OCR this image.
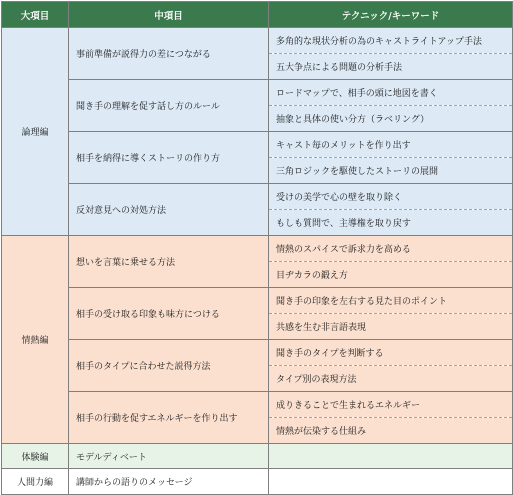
大項目	中項目	テクニック/キーワード
論理編	事前準備が説得力の差につながる	多角的な現状分析の為のキャストライトアップ手法
		五大争点による問題の分析手法
	聞き手の理解を促す話し方のルール	ロードマップで、相手の頭に地図を書く
		抽象と具体の使い分方（ラベリング）
	相手を納得に導くストーリの作り方	キャスト毎のメリットを作り出す
		三角ロジックを駆使したストーリの展開
	反対意見への対処方法	受けの美学で心の壁を取り除く
		もしも質問で、主導権を取り戻す
情熱編	想いを言葉に乗せる方法	情熱のスパイスで訴求力を高める
		目ヂカラの鍛え方
	相手の受け取る印象も味方につける	聞き手の印象を左右する見た目のポイント
		共感を生む非言語表現
	相手のタイプに合わせた説得方法	聞き手のタイプを判断する
		タイプ別の表現方法
	相手の行動を促すエネルギーを作り出す	成りきることで生まれるエネルギー
		情熱が伝染する仕組み
体験編	モデルディベート	
人間力編	講師からの語りのメッセージ	
